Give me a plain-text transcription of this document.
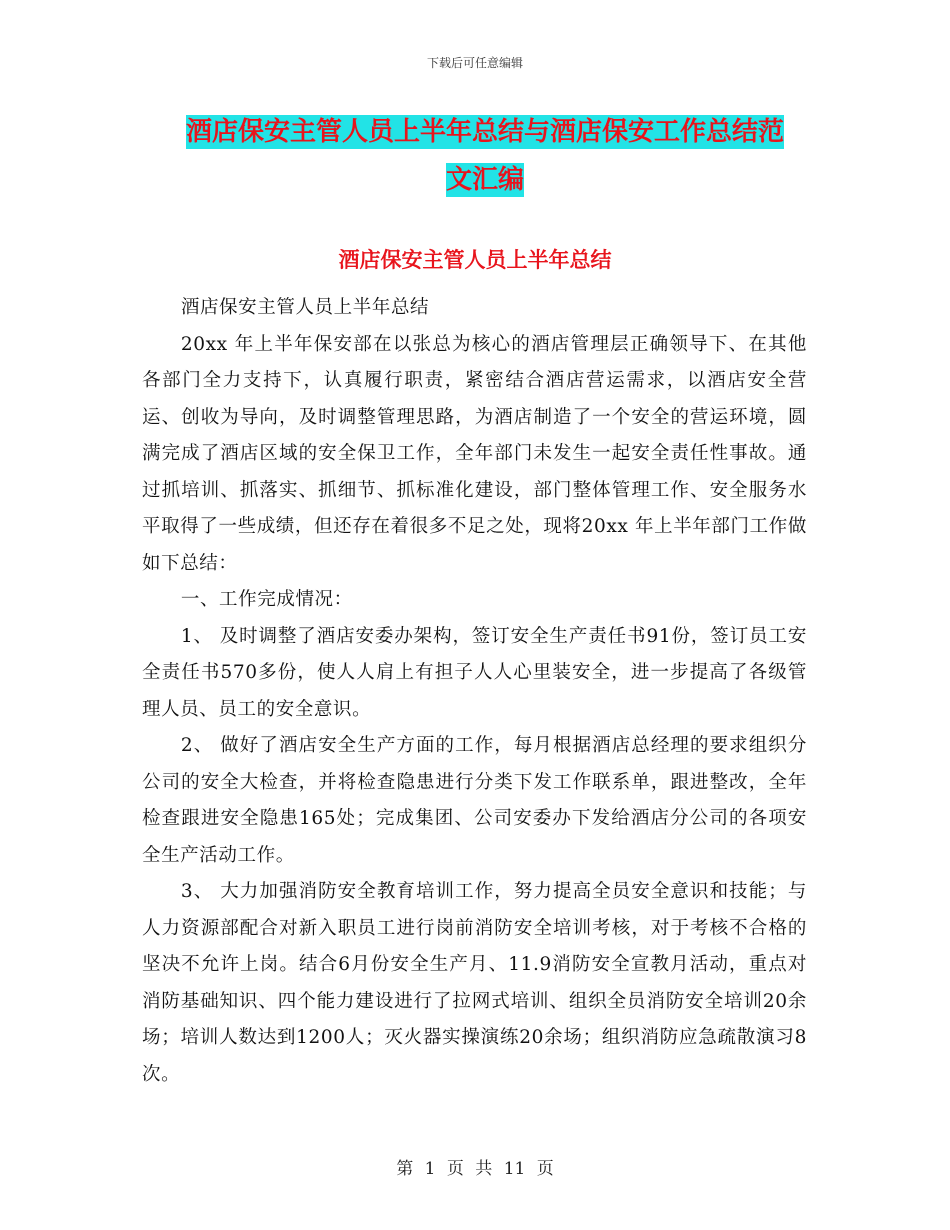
下载后可任意编辑
酒店保安主管人员上半年总结与酒店保安工作总结范
文汇编
酒店保安主管人员上半年总结

酒店保安主管人员上半年总结

20xx 年上半年保安部在以张总为核心的酒店管理层正确领导下、在其他各部门全力支持下，认真履行职责，紧密结合酒店营运需求，以酒店安全营运、创收为导向，及时调整管理思路，为酒店制造了一个安全的营运环境，圆满完成了酒店区域的安全保卫工作，全年部门未发生一起安全责任性事故。通过抓培训、抓落实、抓细节、抓标准化建设，部门整体管理工作、安全服务水平取得了一些成绩，但还存在着很多不足之处，现将20xx 年上半年部门工作做如下总结：

一、工作完成情况：

1、 及时调整了酒店安委办架构，签订安全生产责任书91份，签订员工安全责任书570多份，使人人肩上有担子人人心里装安全，进一步提高了各级管理人员、员工的安全意识。

2、 做好了酒店安全生产方面的工作，每月根据酒店总经理的要求组织分公司的安全大检查，并将检查隐患进行分类下发工作联系单，跟进整改，全年检查跟进安全隐患165处；完成集团、公司安委办下发给酒店分公司的各项安全生产活动工作。

3、 大力加强消防安全教育培训工作，努力提高全员安全意识和技能；与人力资源部配合对新入职员工进行岗前消防安全培训考核，对于考核不合格的坚决不允许上岗。结合6月份安全生产月、11.9消防安全宣教月活动，重点对消防基础知识、四个能力建设进行了拉网式培训、组织全员消防安全培训20余场；培训人数达到1200人；灭火器实操演练20余场；组织消防应急疏散演习8次。

第 1 页 共 11 页
